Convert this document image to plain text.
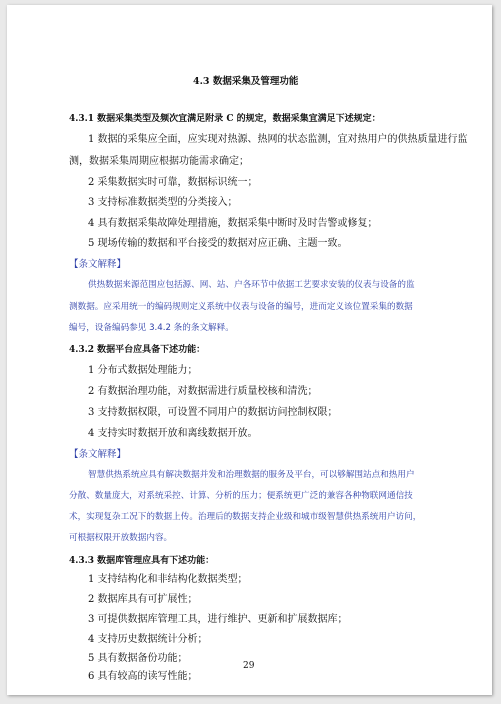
4.3 数据采集及管理功能
4.3.1 数据采集类型及频次宜满足附录 C 的规定，数据采集宜满足下述规定：
1 数据的采集应全面，应实现对热源、热网的状态监测，宜对热用户的供热质量进行监
测，数据采集周期应根据功能需求确定；
2 采集数据实时可靠，数据标识统一；
3 支持标准数据类型的分类接入；
4 具有数据采集故障处理措施，数据采集中断时及时告警或修复；
5 现场传输的数据和平台接受的数据对应正确、主题一致。
【条文解释】
供热数据来源范围应包括源、网、站、户各环节中依据工艺要求安装的仪表与设备的监
测数据。应采用统一的编码规则定义系统中仪表与设备的编号，进而定义该位置采集的数据
编号，设备编码参见 3.4.2 条的条文解释。
4.3.2 数据平台应具备下述功能：
1 分布式数据处理能力；
2 有数据治理功能，对数据需进行质量校核和清洗；
3 支持数据权限，可设置不同用户的数据访问控制权限；
4 支持实时数据开放和离线数据开放。
【条文解释】
智慧供热系统应具有解决数据并发和治理数据的服务及平台，可以够解围站点和热用户
分散、数量庞大，对系统采控、计算、分析的压力；便系统更广泛的兼容各种物联网通信技
术，实现复杂工况下的数据上传。治理后的数据支持企业级和城市级智慧供热系统用户访问，
可根据权限开放数据内容。
4.3.3 数据库管理应具有下述功能：
1 支持结构化和非结构化数据类型；
2 数据库具有可扩展性；
3 可提供数据库管理工具，进行维护、更新和扩展数据库；
4 支持历史数据统计分析；
5 具有数据备份功能；
6 具有较高的读写性能；
29
